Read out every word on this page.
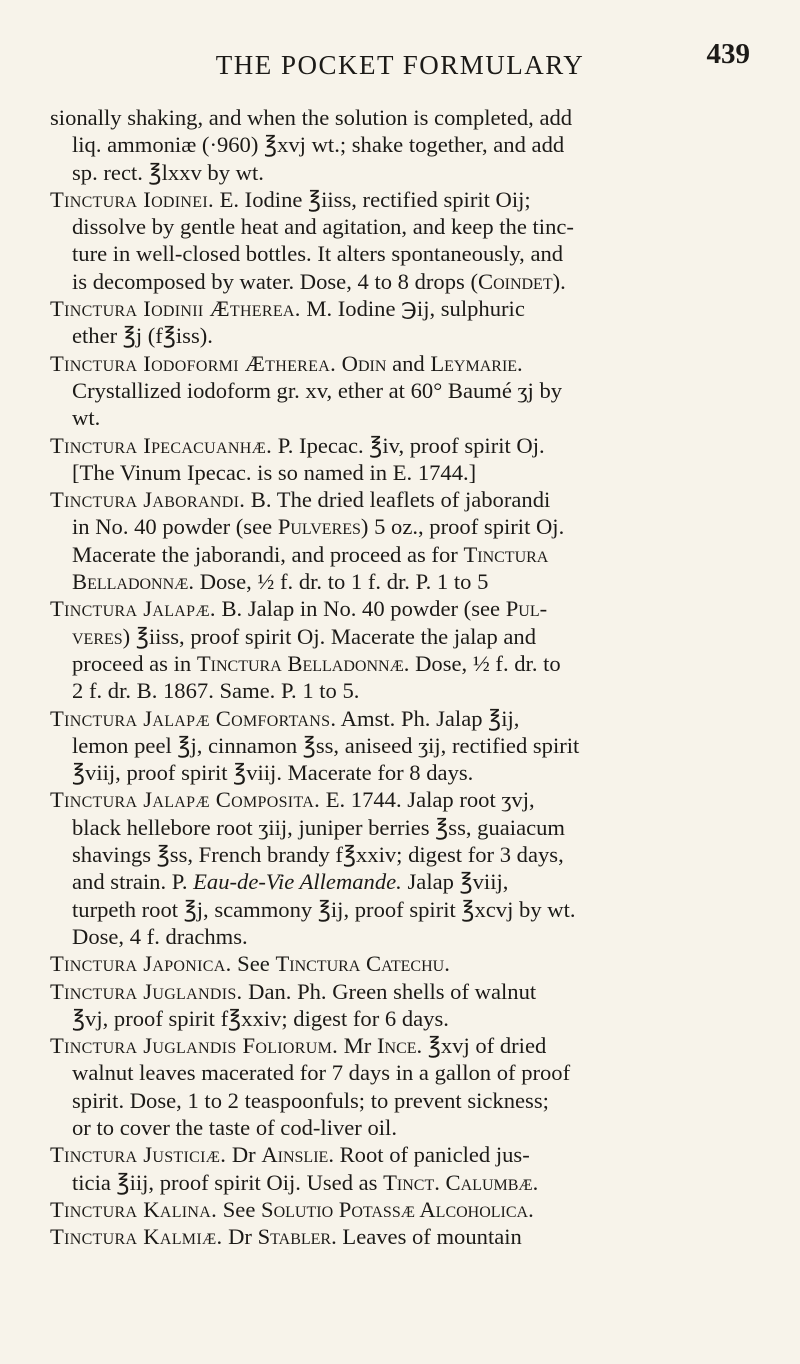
THE POCKET FORMULARY	439
sionally shaking, and when the solution is completed, add
liq. ammoniæ (·960) ℥xvj wt.; shake together, and add
sp. rect. ℥lxxv by wt.
Tinctura Iodinei. E. Iodine ℥iiss, rectified spirit Oij;
dissolve by gentle heat and agitation, and keep the tinc-
ture in well-closed bottles. It alters spontaneously, and
is decomposed by water. Dose, 4 to 8 drops (Coindet).
Tinctura Iodinii Ætherea. M. Iodine ℈ij, sulphuric
ether ℥j (f℥iss).
Tinctura Iodoformi Ætherea. Odin and Leymarie.
Crystallized iodoform gr. xv, ether at 60° Baumé ʒj by
wt.
Tinctura Ipecacuanhæ. P. Ipecac. ℥iv, proof spirit Oj.
[The Vinum Ipecac. is so named in E. 1744.]
Tinctura Jaborandi. B. The dried leaflets of jaborandi
in No. 40 powder (see Pulveres) 5 oz., proof spirit Oj.
Macerate the jaborandi, and proceed as for Tinctura
Belladonnæ. Dose, ½ f. dr. to 1 f. dr. P. 1 to 5
Tinctura Jalapæ. B. Jalap in No. 40 powder (see Pul-
veres) ℥iiss, proof spirit Oj. Macerate the jalap and
proceed as in Tinctura Belladonnæ. Dose, ½ f. dr. to
2 f. dr. B. 1867. Same. P. 1 to 5.
Tinctura Jalapæ Comfortans. Amst. Ph. Jalap ℥ij,
lemon peel ℥j, cinnamon ℥ss, aniseed ʒij, rectified spirit
℥viij, proof spirit ℥viij. Macerate for 8 days.
Tinctura Jalapæ Composita. E. 1744. Jalap root ʒvj,
black hellebore root ʒiij, juniper berries ℥ss, guaiacum
shavings ℥ss, French brandy f℥xxiv; digest for 3 days,
and strain. P. Eau-de-Vie Allemande. Jalap ℥viij,
turpeth root ℥j, scammony ℥ij, proof spirit ℥xcvj by wt.
Dose, 4 f. drachms.
Tinctura Japonica. See Tinctura Catechu.
Tinctura Juglandis. Dan. Ph. Green shells of walnut
℥vj, proof spirit f℥xxiv; digest for 6 days.
Tinctura Juglandis Foliorum. Mr Ince. ℥xvj of dried
walnut leaves macerated for 7 days in a gallon of proof
spirit. Dose, 1 to 2 teaspoonfuls; to prevent sickness;
or to cover the taste of cod-liver oil.
Tinctura Justiciæ. Dr Ainslie. Root of panicled jus-
ticia ℥iij, proof spirit Oij. Used as Tinct. Calumbæ.
Tinctura Kalina. See Solutio Potassæ Alcoholica.
Tinctura Kalmiæ. Dr Stabler. Leaves of mountain
